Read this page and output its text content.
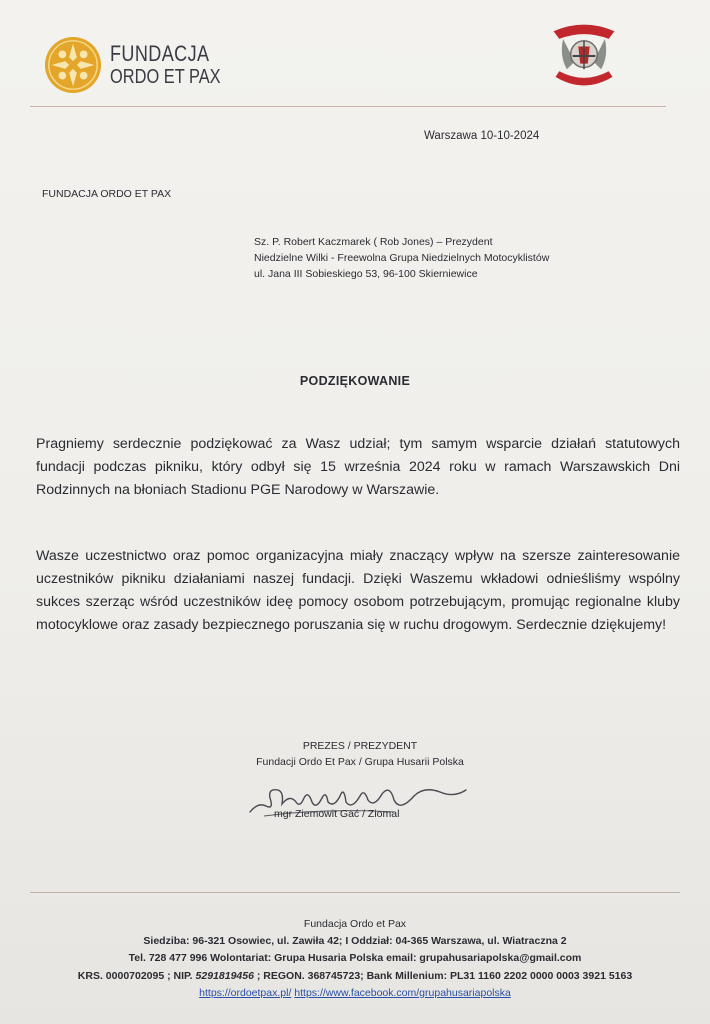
FUNDACJA
ORDO ET PAX
Warszawa 10-10-2024
FUNDACJA ORDO ET PAX
Sz. P. Robert Kaczmarek ( Rob Jones) – Prezydent
Niedzielne Wilki - Freewolna Grupa Niedzielnych Motocyklistów
ul. Jana III Sobieskiego 53, 96-100 Skierniewice
PODZIĘKOWANIE
Pragniemy serdecznie podziękować za Wasz udział; tym samym wsparcie działań statutowych fundacji podczas pikniku, który odbył się 15 września 2024 roku w ramach Warszawskich Dni Rodzinnych na błoniach Stadionu PGE Narodowy w Warszawie.
Wasze uczestnictwo oraz pomoc organizacyjna miały znaczący wpływ na szersze zainteresowanie uczestników pikniku działaniami naszej fundacji. Dzięki Waszemu wkładowi odnieśliśmy wspólny sukces szerząc wśród uczestników ideę pomocy osobom potrzebującym, promując regionalne kluby motocyklowe oraz zasady bezpiecznego poruszania się w ruchu drogowym. Serdecznie dziękujemy!
PREZES / PREZYDENT
Fundacji Ordo Et Pax / Grupa Husarii Polska
mgr Ziemowit Gać / Ziomal
Fundacja Ordo et Pax
Siedziba: 96-321 Osowiec, ul. Zawiła 42; I Oddział: 04-365 Warszawa, ul. Wiatraczna 2
Tel. 728 477 996 Wolontariat: Grupa Husaria Polska email: grupahusariapolska@gmail.com
KRS. 0000702095 ; NIP. 5291819456 ; REGON. 368745723; Bank Millenium: PL31 1160 2202 0000 0003 3921 5163
https://ordoetpax.pl/ https://www.facebook.com/grupahusariapolska
